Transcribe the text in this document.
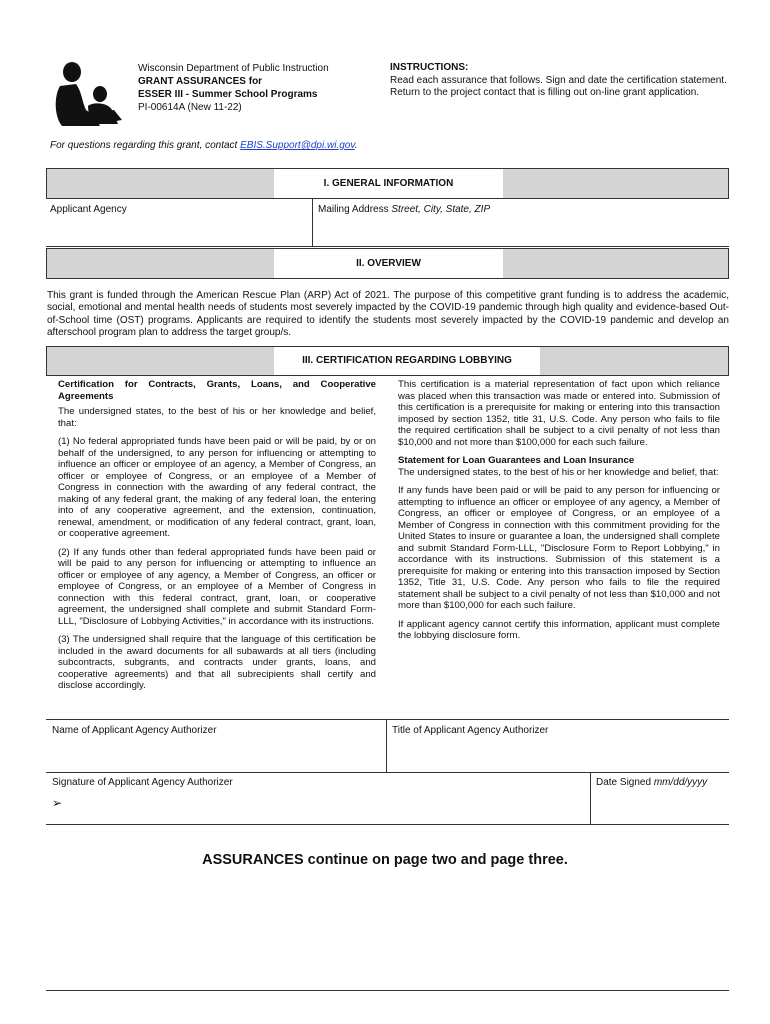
Wisconsin Department of Public Instruction
GRANT ASSURANCES for
ESSER III - Summer School Programs
PI-00614A (New 11-22)
INSTRUCTIONS:
Read each assurance that follows. Sign and date the certification statement.
Return to the project contact that is filling out on-line grant application.
For questions regarding this grant, contact EBIS.Support@dpi.wi.gov.
I. GENERAL INFORMATION
Applicant Agency	Mailing Address Street, City, State, ZIP
II. OVERVIEW
This grant is funded through the American Rescue Plan (ARP) Act of 2021. The purpose of this competitive grant funding is to address the academic, social, emotional and mental health needs of students most severely impacted by the COVID-19 pandemic through high quality and evidence-based Out-of-School time (OST) programs. Applicants are required to identify the students most severely impacted by the COVID-19 pandemic and develop an afterschool program plan to address the target group/s.
III. CERTIFICATION REGARDING LOBBYING

Certification for Contracts, Grants, Loans, and Cooperative Agreements

The undersigned states, to the best of his or her knowledge and belief, that:

(1) No federal appropriated funds have been paid or will be paid, by or on behalf of the undersigned, to any person for influencing or attempting to influence an officer or employee of an agency, a Member of Congress, an officer or employee of Congress, or an employee of a Member of Congress in connection with the awarding of any federal contract, the making of any federal grant, the making of any federal loan, the entering into of any cooperative agreement, and the extension, continuation, renewal, amendment, or modification of any federal contract, grant, loan, or cooperative agreement.

(2) If any funds other than federal appropriated funds have been paid or will be paid to any person for influencing or attempting to influence an officer or employee of any agency, a Member of Congress, an officer or employee of Congress, or an employee of a Member of Congress in connection with this federal contract, grant, loan, or cooperative agreement, the undersigned shall complete and submit Standard Form-LLL, "Disclosure of Lobbying Activities," in accordance with its instructions.

(3) The undersigned shall require that the language of this certification be included in the award documents for all subawards at all tiers (including subcontracts, subgrants, and contracts under grants, loans, and cooperative agreements) and that all subrecipients shall certify and disclose accordingly.

This certification is a material representation of fact upon which reliance was placed when this transaction was made or entered into. Submission of this certification is a prerequisite for making or entering into this transaction imposed by section 1352, title 31, U.S. Code. Any person who fails to file the required certification shall be subject to a civil penalty of not less than $10,000 and not more than $100,000 for each such failure.

Statement for Loan Guarantees and Loan Insurance

The undersigned states, to the best of his or her knowledge and belief, that:

If any funds have been paid or will be paid to any person for influencing or attempting to influence an officer or employee of any agency, a Member of Congress, an officer or employee of Congress, or an employee of a Member of Congress in connection with this commitment providing for the United States to insure or guarantee a loan, the undersigned shall complete and submit Standard Form-LLL, "Disclosure Form to Report Lobbying," in accordance with its instructions. Submission of this statement is a prerequisite for making or entering into this transaction imposed by Section 1352, Title 31, U.S. Code. Any person who fails to file the required statement shall be subject to a civil penalty of not less than $10,000 and not more than $100,000 for each such failure.

If applicant agency cannot certify this information, applicant must complete the lobbying disclosure form.

Name of Applicant Agency Authorizer	Title of Applicant Agency Authorizer
Signature of Applicant Agency Authorizer
➢
Date Signed mm/dd/yyyy
ASSURANCES continue on page two and page three.
